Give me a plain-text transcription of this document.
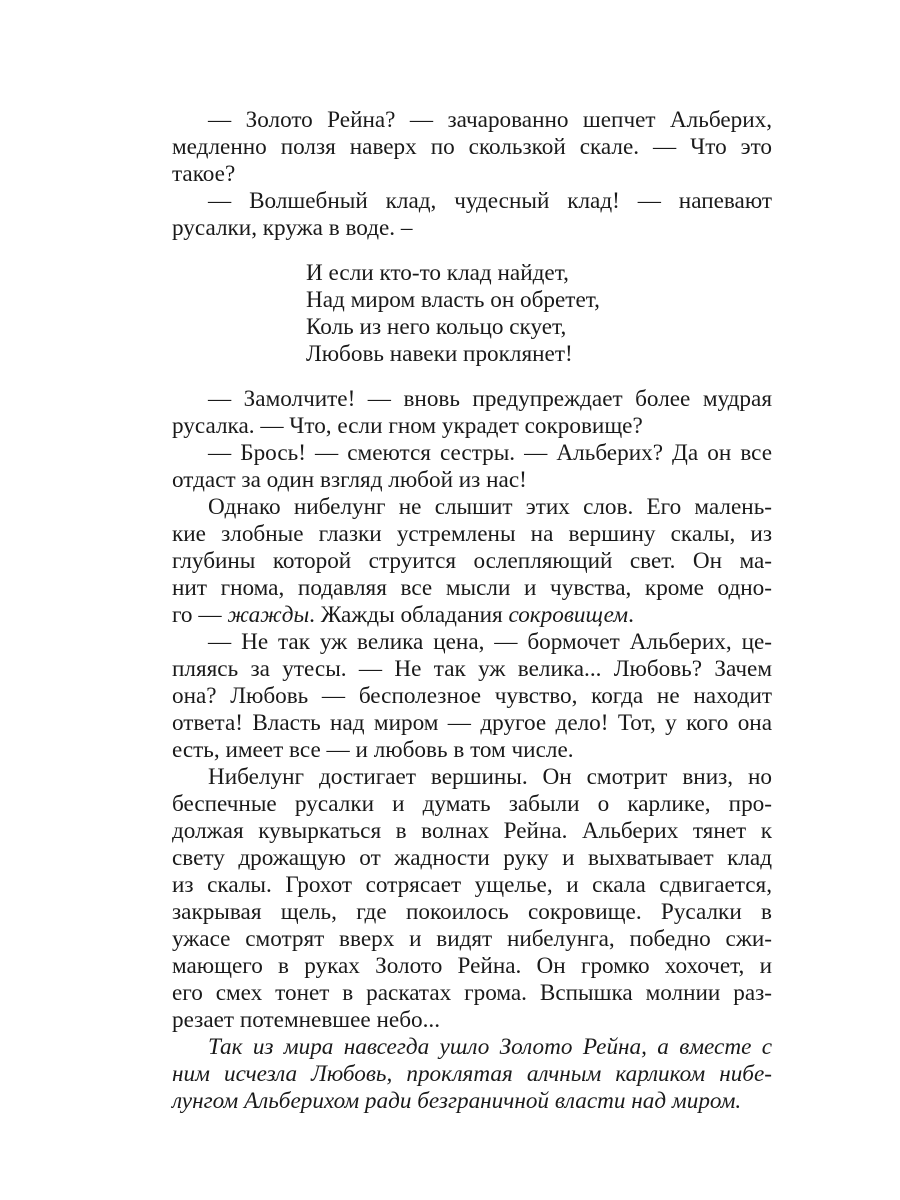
— Золото Рейна? — зачарованно шепчет Альберих,
медленно ползя наверх по скользкой скале. — Что это
такое?
— Волшебный клад, чудесный клад! — напевают
русалки, кружа в воде. –
И если кто-то клад найдет,
Над миром власть он обретет,
Коль из него кольцо скует,
Любовь навеки проклянет!
— Замолчите! — вновь предупреждает более мудрая
русалка. — Что, если гном украдет сокровище?
— Брось! — смеются сестры. — Альберих? Да он все
отдаст за один взгляд любой из нас!
Однако нибелунг не слышит этих слов. Его малень-
кие злобные глазки устремлены на вершину скалы, из
глубины которой струится ослепляющий свет. Он ма-
нит гнома, подавляя все мысли и чувства, кроме одно-
го — жажды. Жажды обладания сокровищем.
— Не так уж велика цена, — бормочет Альберих, це-
пляясь за утесы. — Не так уж велика... Любовь? Зачем
она? Любовь — бесполезное чувство, когда не находит
ответа! Власть над миром — другое дело! Тот, у кого она
есть, имеет все — и любовь в том числе.
Нибелунг достигает вершины. Он смотрит вниз, но
беспечные русалки и думать забыли о карлике, про-
должая кувыркаться в волнах Рейна. Альберих тянет к
свету дрожащую от жадности руку и выхватывает клад
из скалы. Грохот сотрясает ущелье, и скала сдвигается,
закрывая щель, где покоилось сокровище. Русалки в
ужасе смотрят вверх и видят нибелунга, победно сжи-
мающего в руках Золото Рейна. Он громко хохочет, и
его смех тонет в раскатах грома. Вспышка молнии раз-
резает потемневшее небо...
Так из мира навсегда ушло Золото Рейна, а вместе с
ним исчезла Любовь, проклятая алчным карликом нибе-
лунгом Альберихом ради безграничной власти над миром.
